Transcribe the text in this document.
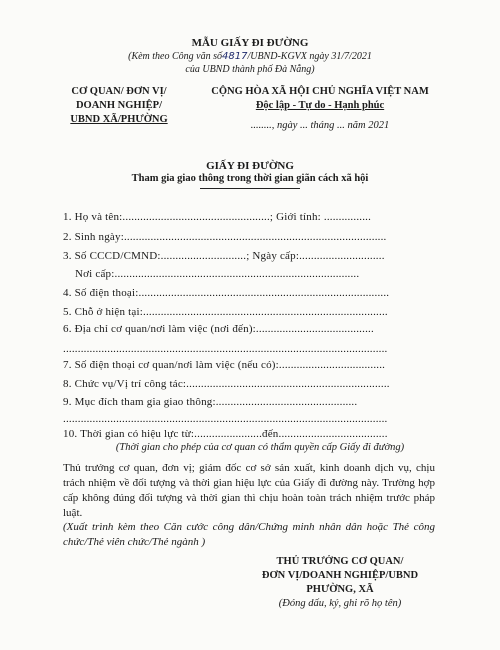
MẪU GIẤY ĐI ĐƯỜNG
(Kèm theo Công văn số4817/UBND-KGVX ngày 31/7/2021
của UBND thành phố Đà Nẵng)
CƠ QUAN/ ĐƠN VỊ/
DOANH NGHIỆP/
UBND XÃ/PHƯỜNG
CỘNG HÒA XÃ HỘI CHỦ NGHĨA VIỆT NAM
Độc lập - Tự do - Hạnh phúc
........, ngày ... tháng ... năm 2021
GIẤY ĐI ĐƯỜNG
Tham gia giao thông trong thời gian giãn cách xã hội
1. Họ và tên:..................................................; Giới tính: ................
2. Sinh ngày:.........................................................................................
3. Số CCCD/CMND:.............................; Ngày cấp:.............................
Nơi cấp:...................................................................................
4. Số điện thoại:.....................................................................................
5. Chỗ ở hiện tại:...................................................................................
6. Địa chỉ cơ quan/nơi làm việc (nơi đến):........................................
..............................................................................................................
7. Số điện thoại cơ quan/nơi làm việc (nếu có):....................................
8. Chức vụ/Vị trí công tác:.....................................................................
9. Mục đích tham gia giao thông:................................................
..............................................................................................................
10. Thời gian có hiệu lực từ:.......................đến.....................................
(Thời gian cho phép của cơ quan có thẩm quyền cấp Giấy đi đường)

Thủ trưởng cơ quan, đơn vị; giám đốc cơ sở sản xuất, kinh doanh dịch vụ, chịu trách nhiệm về đối tượng và thời gian hiệu lực của Giấy đi đường này. Trường hợp cấp không đúng đối tượng và thời gian thì chịu hoàn toàn trách nhiệm trước pháp luật.

(Xuất trình kèm theo Căn cước công dân/Chứng minh nhân dân hoặc Thẻ công chức/Thẻ viên chức/Thẻ ngành )

THỦ TRƯỞNG CƠ QUAN/
ĐƠN VỊ/DOANH NGHIỆP/UBND
PHƯỜNG, XÃ
(Đóng dấu, ký, ghi rõ họ tên)
